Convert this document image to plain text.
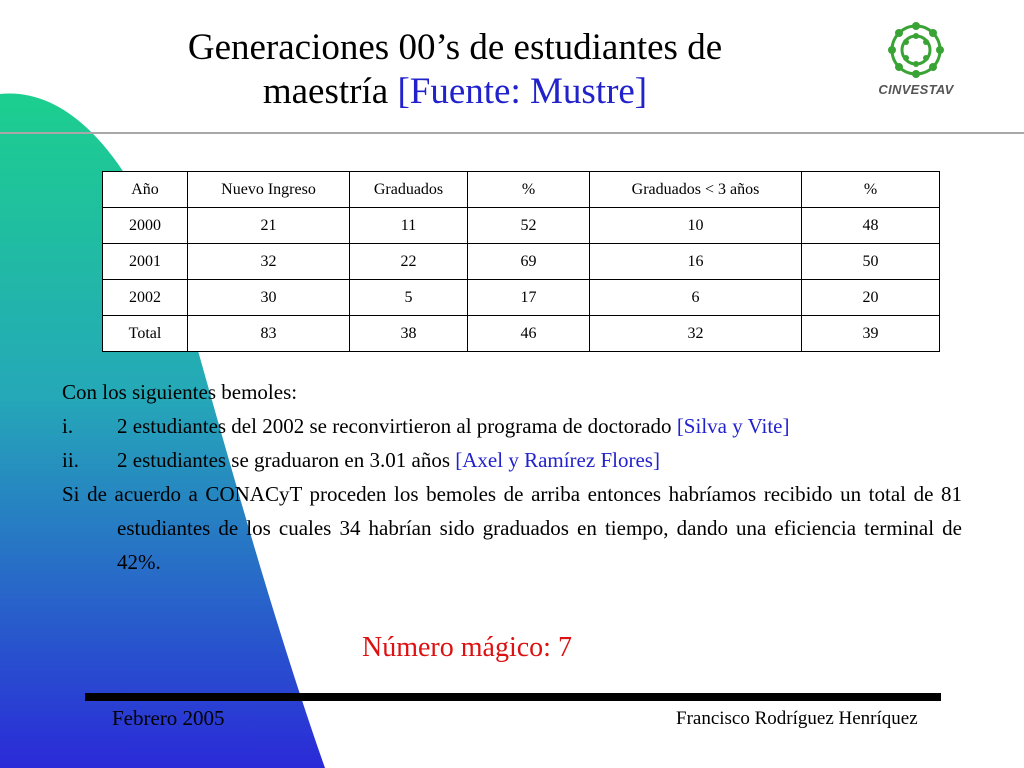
Generaciones 00’s de estudiantes de
maestría [Fuente: Mustre]	CINVESTAV
Año	Nuevo Ingreso	Graduados	%	Graduados < 3 años	%
2000	21	11	52	10	48
2001	32	22	69	16	50
2002	30	5	17	6	20
Total	83	38	46	32	39

Con los siguientes bemoles:

i. 2 estudiantes del 2002 se reconvirtieron al programa de doctorado [Silva y Vite]

ii. 2 estudiantes se graduaron en 3.01 años [Axel y Ramírez Flores]

Si de acuerdo a CONACyT proceden los bemoles de arriba entonces habríamos recibido un total de 81 estudiantes de los cuales 34 habrían sido graduados en tiempo, dando una eficiencia terminal de 42%.

Número mágico: 7
Febrero 2005	Francisco Rodríguez Henríquez
